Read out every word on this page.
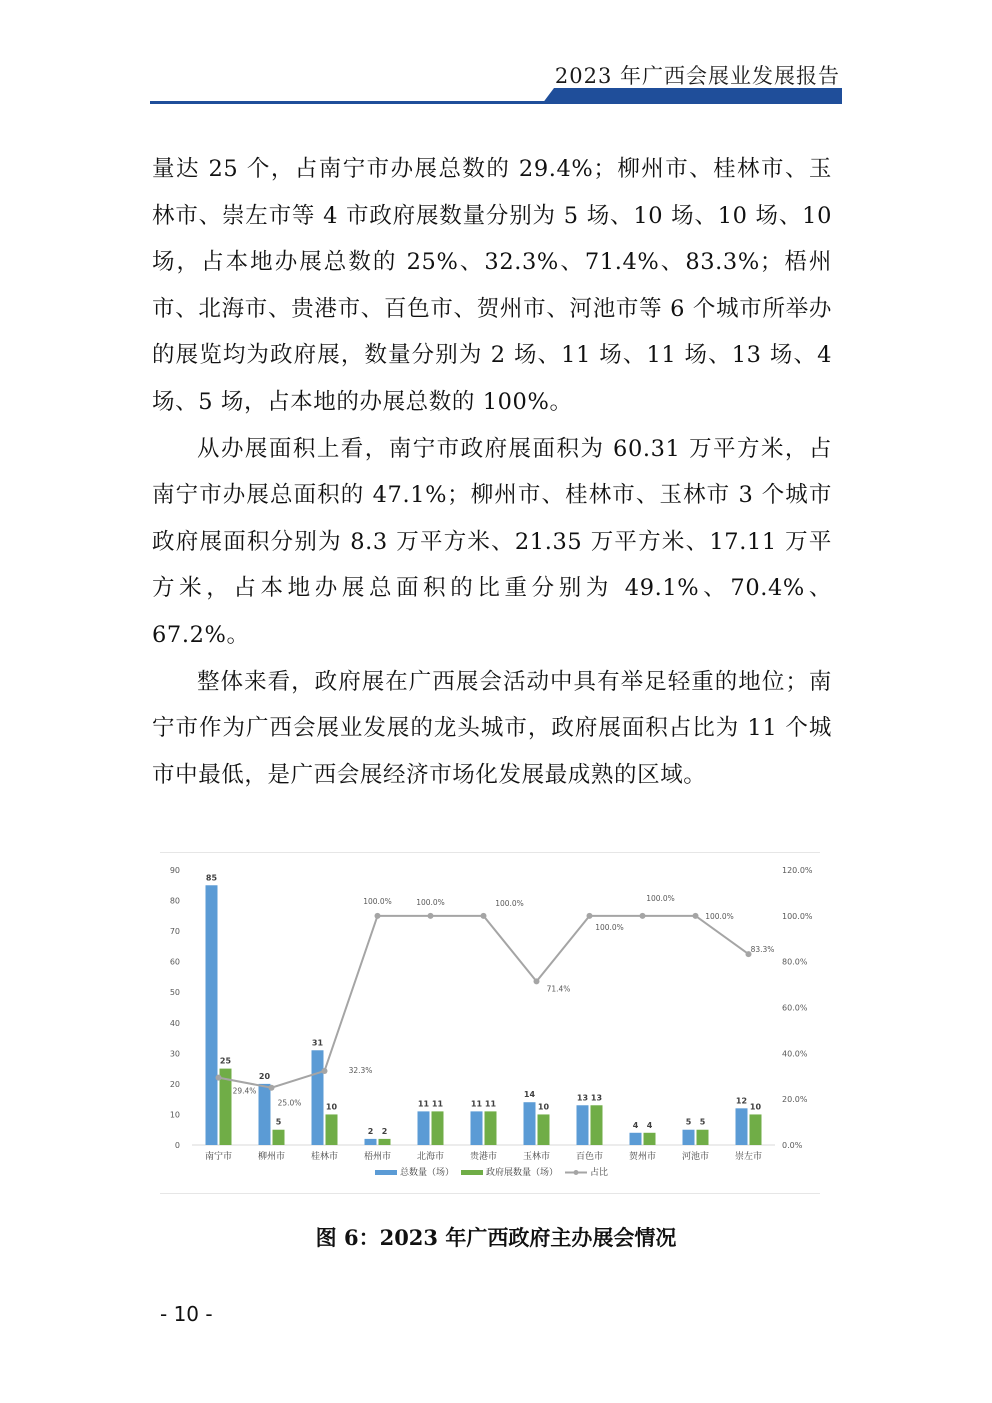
2023 年广西会展业发展报告

量达 25 个，占南宁市办展总数的 29.4%；柳州市、桂林市、玉林市、崇左市等 4 市政府展数量分别为 5 场、10 场、10 场、10 场，占本地办展总数的 25%、32.3%、71.4%、83.3%；梧州市、北海市、贵港市、百色市、贺州市、河池市等 6 个城市所举办的展览均为政府展，数量分别为 2 场、11 场、11 场、13 场、4 场、5 场，占本地的办展总数的 100%。

从办展面积上看，南宁市政府展面积为 60.31 万平方米，占南宁市办展总面积的 47.1%；柳州市、桂林市、玉林市 3 个城市政府展面积分别为 8.3 万平方米、21.35 万平方米、17.11 万平方米，占本地办展总面积的比重分别为 49.1%、70.4%、67.2%。

整体来看，政府展在广西展会活动中具有举足轻重的地位；南宁市作为广西会展业发展的龙头城市，政府展面积占比为 11 个城市中最低，是广西会展经济市场化发展最成熟的区域。

0
10
20
30
40
50
60
70
80
90
0.0%
20.0%
40.0%
60.0%
80.0%
100.0%
120.0%
85
20
31
2
11	11
14	13
4	5
12
25
5
10
2
11	11	10
13
4	5
10
29.4%
25.0%
32.3%
100.0%	100.0%	100.0%
71.4%
100.0%
100.0%
100.0%
83.3%
南宁市	柳州市	桂林市	梧州市	北海市	贵港市	玉林市	百色市	贺州市	河池市	崇左市
总数量（场）	政府展数量（场）	占比
图 6：2023 年广西政府主办展会情况
- 10 -
